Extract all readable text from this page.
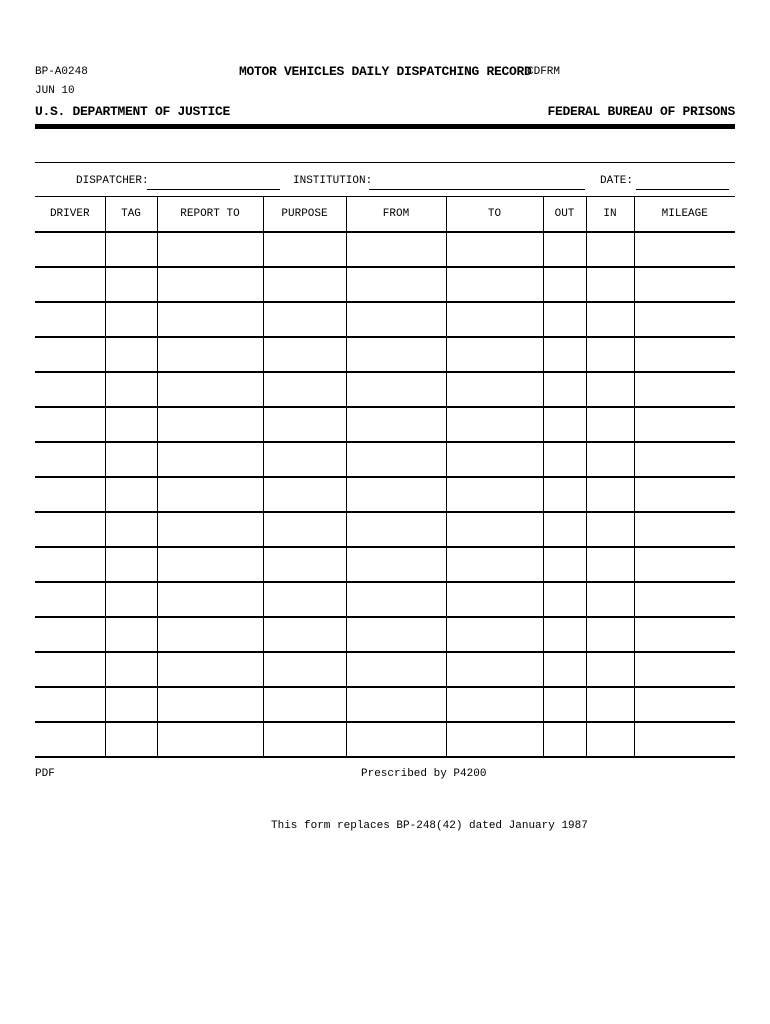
BP-A0248	MOTOR VEHICLES DAILY DISPATCHING RECORD
CDFRM
JUN 10
U.S. DEPARTMENT OF JUSTICE	FEDERAL BUREAU OF PRISONS
DISPATCHER:	INSTITUTION:	DATE:
DRIVER	TAG	REPORT TO	PURPOSE	FROM	TO	OUT	IN	MILEAGE

PDF	Prescribed by P4200
This form replaces BP-248(42) dated January 1987
